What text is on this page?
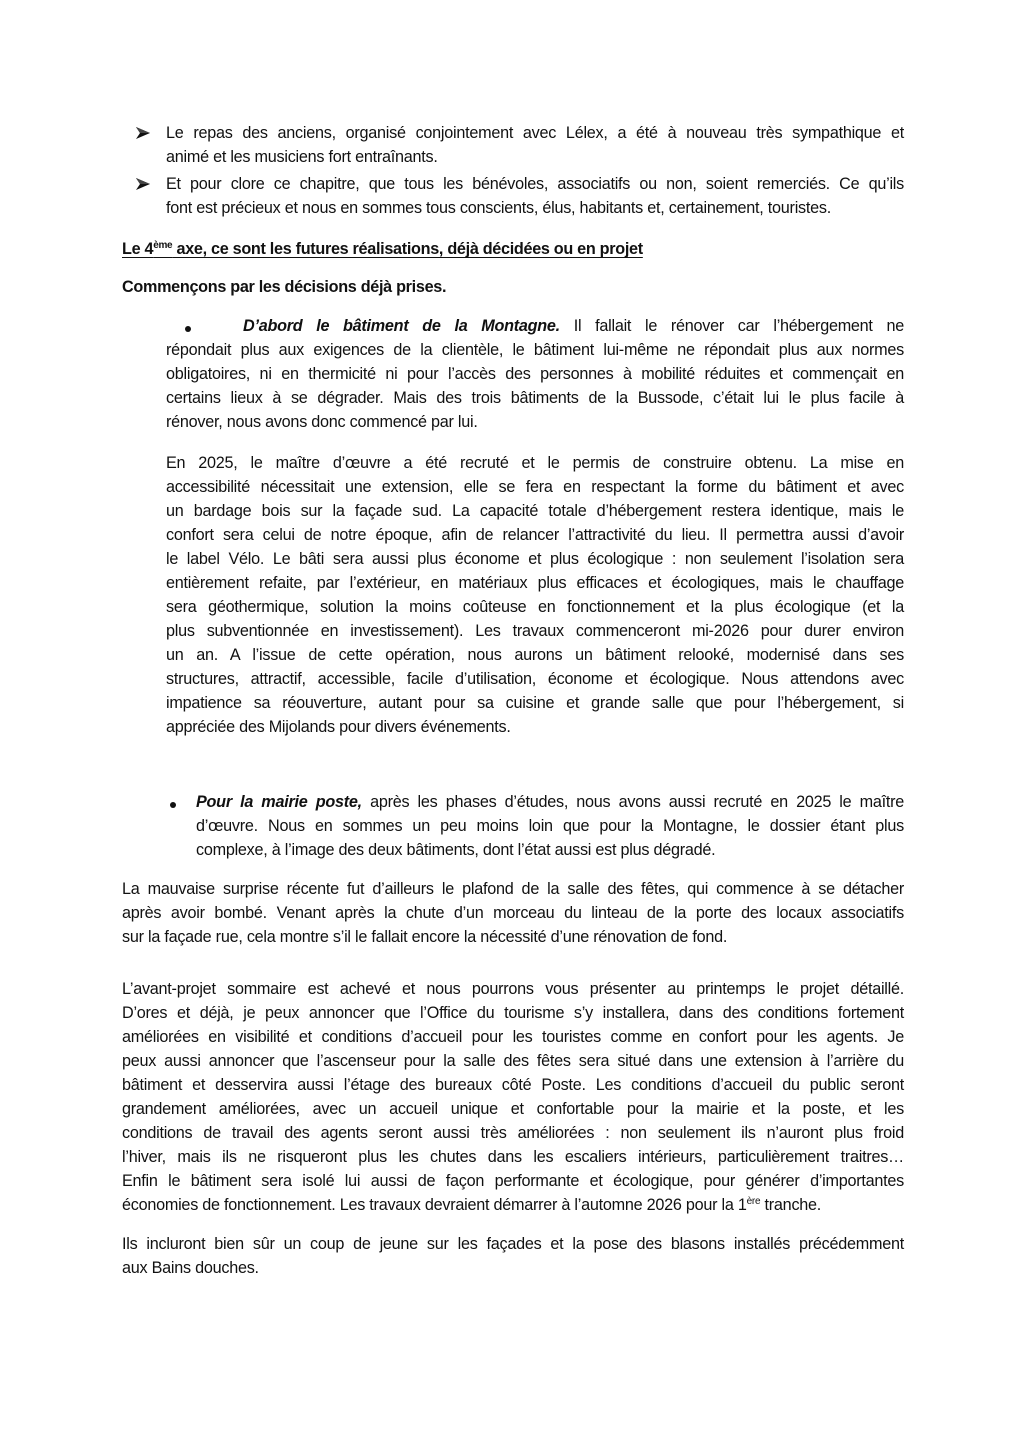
Le repas des anciens, organisé conjointement avec Lélex, a été à nouveau très sympathique et
animé et les musiciens fort entraînants.
Et pour clore ce chapitre, que tous les bénévoles, associatifs ou non, soient remerciés. Ce qu’ils
font est précieux et nous en sommes tous conscients, élus, habitants et, certainement, touristes.
Le 4ème axe, ce sont les futures réalisations, déjà décidées ou en projet
Commençons par les décisions déjà prises.
D’abord le bâtiment de la Montagne. Il fallait le rénover car l’hébergement ne
répondait plus aux exigences de la clientèle, le bâtiment lui-même ne répondait plus aux normes
obligatoires, ni en thermicité ni pour l’accès des personnes à mobilité réduites et commençait en
certains lieux à se dégrader. Mais des trois bâtiments de la Bussode, c’était lui le plus facile à
rénover, nous avons donc commencé par lui.
En 2025, le maître d’œuvre a été recruté et le permis de construire obtenu. La mise en
accessibilité nécessitait une extension, elle se fera en respectant la forme du bâtiment et avec
un bardage bois sur la façade sud. La capacité totale d’hébergement restera identique, mais le
confort sera celui de notre époque, afin de relancer l’attractivité du lieu. Il permettra aussi d’avoir
le label Vélo. Le bâti sera aussi plus économe et plus écologique : non seulement l’isolation sera
entièrement refaite, par l’extérieur, en matériaux plus efficaces et écologiques, mais le chauffage
sera géothermique, solution la moins coûteuse en fonctionnement et la plus écologique (et la
plus subventionnée en investissement). Les travaux commenceront mi-2026 pour durer environ
un an. A l’issue de cette opération, nous aurons un bâtiment relooké, modernisé dans ses
structures, attractif, accessible, facile d’utilisation, économe et écologique. Nous attendons avec
impatience sa réouverture, autant pour sa cuisine et grande salle que pour l’hébergement, si
appréciée des Mijolands pour divers événements.
Pour la mairie poste, après les phases d’études, nous avons aussi recruté en 2025 le maître
d’œuvre. Nous en sommes un peu moins loin que pour la Montagne, le dossier étant plus
complexe, à l’image des deux bâtiments, dont l’état aussi est plus dégradé.
La mauvaise surprise récente fut d’ailleurs le plafond de la salle des fêtes, qui commence à se détacher
après avoir bombé. Venant après la chute d’un morceau du linteau de la porte des locaux associatifs
sur la façade rue, cela montre s’il le fallait encore la nécessité d’une rénovation de fond.
L’avant-projet sommaire est achevé et nous pourrons vous présenter au printemps le projet détaillé.
D’ores et déjà, je peux annoncer que l’Office du tourisme s’y installera, dans des conditions fortement
améliorées en visibilité et conditions d’accueil pour les touristes comme en confort pour les agents. Je
peux aussi annoncer que l’ascenseur pour la salle des fêtes sera situé dans une extension à l’arrière du
bâtiment et desservira aussi l’étage des bureaux côté Poste. Les conditions d’accueil du public seront
grandement améliorées, avec un accueil unique et confortable pour la mairie et la poste, et les
conditions de travail des agents seront aussi très améliorées : non seulement ils n’auront plus froid
l’hiver, mais ils ne risqueront plus les chutes dans les escaliers intérieurs, particulièrement traitres…
Enfin le bâtiment sera isolé lui aussi de façon performante et écologique, pour générer d’importantes
économies de fonctionnement. Les travaux devraient démarrer à l’automne 2026 pour la 1ère tranche.
Ils incluront bien sûr un coup de jeune sur les façades et la pose des blasons installés précédemment
aux Bains douches.
